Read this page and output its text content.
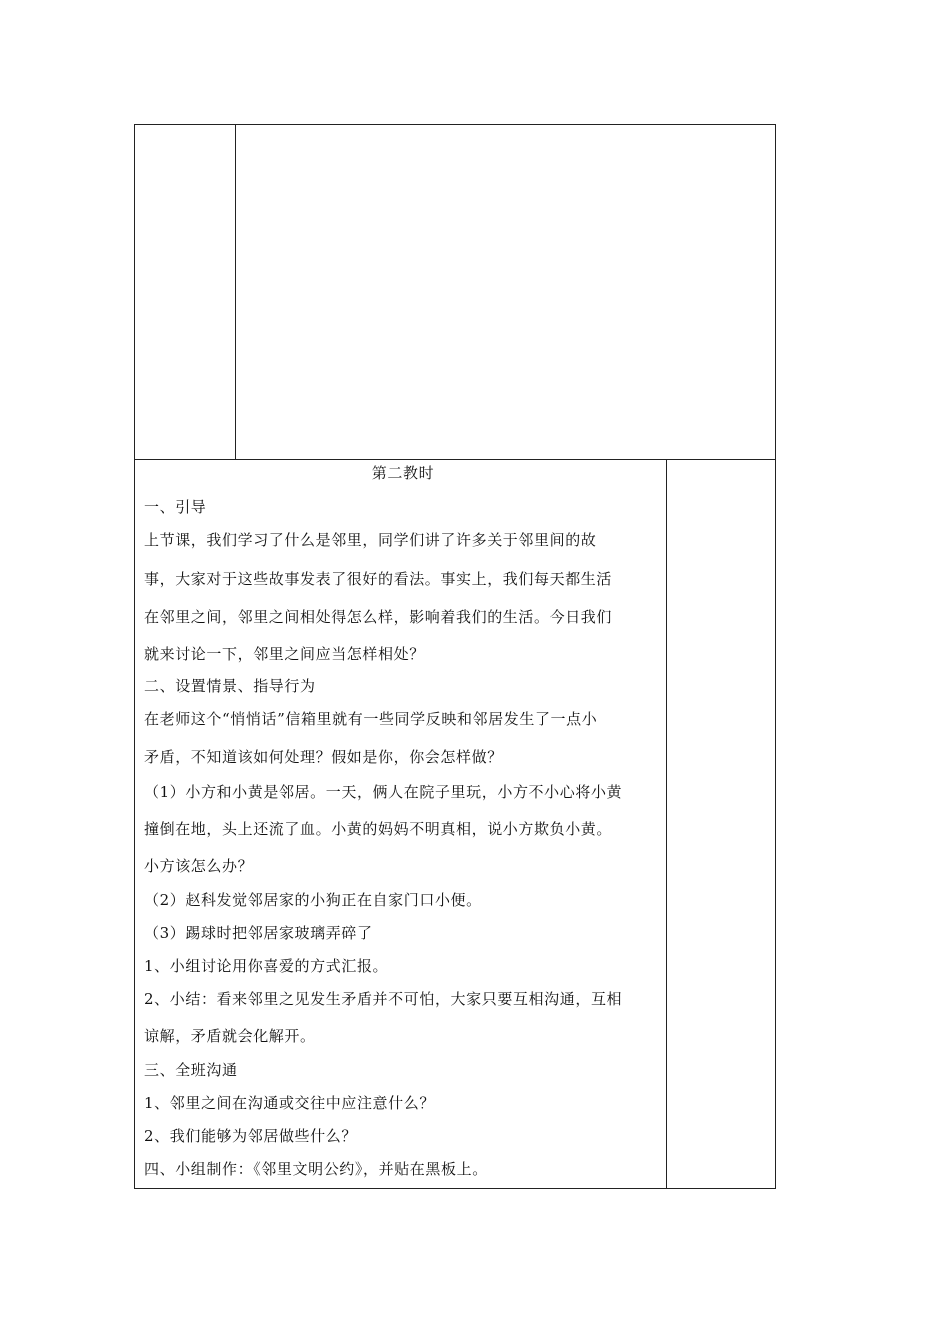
第二教时
一、引导
上节课，我们学习了什么是邻里，同学们讲了许多关于邻里间的故
事，大家对于这些故事发表了很好的看法。事实上，我们每天都生活
在邻里之间，邻里之间相处得怎么样，影响着我们的生活。今日我们
就来讨论一下，邻里之间应当怎样相处？
二、设置情景、指导行为
在老师这个“悄悄话”信箱里就有一些同学反映和邻居发生了一点小
矛盾，不知道该如何处理？假如是你，你会怎样做？
（1）小方和小黄是邻居。一天，俩人在院子里玩，小方不小心将小黄
撞倒在地，头上还流了血。小黄的妈妈不明真相，说小方欺负小黄。
小方该怎么办？
（2）赵科发觉邻居家的小狗正在自家门口小便。
（3）踢球时把邻居家玻璃弄碎了
1、小组讨论用你喜爱的方式汇报。
2、小结：看来邻里之见发生矛盾并不可怕，大家只要互相沟通，互相
谅解，矛盾就会化解开。
三、全班沟通
1、邻里之间在沟通或交往中应注意什么？
2、我们能够为邻居做些什么？
四、小组制作：《邻里文明公约》，并贴在黑板上。
